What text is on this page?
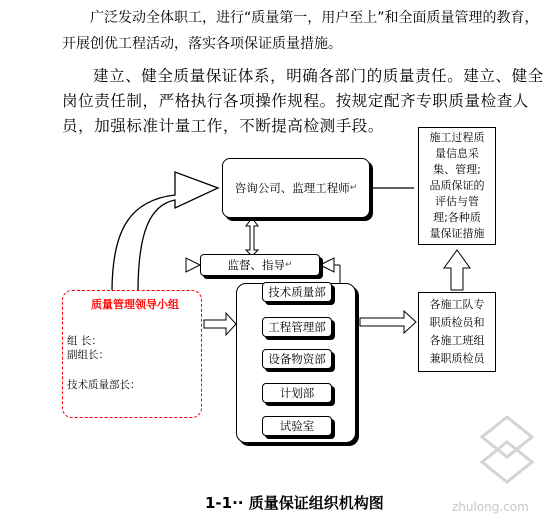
广泛发动全体职工，进行“质量第一，用户至上”和全面质量管理的教育，开展创优工程活动，落实各项保证质量措施。

建立、健全质量保证体系，明确各部门的质量责任。建立、健全岗位责任制，严格执行各项操作规程。按规定配齐专职质量检查人员，加强标准计量工作，不断提高检测手段。

咨询公司、监理工程师 ↵
监督、指导 ↵
质量管理领导小组
组 长：
副组长：
技术质量部长：
技术质量部
工程管理部
设备物资部
计划部
试验室
施工过程质
量信息采
集、管理;
品质保证的
评估与管
理;各种质
量保证措施
各施工队专
职质检员和
各施工班组
兼职质检员
1-1·· 质量保证组织机构图	zhulong.com
